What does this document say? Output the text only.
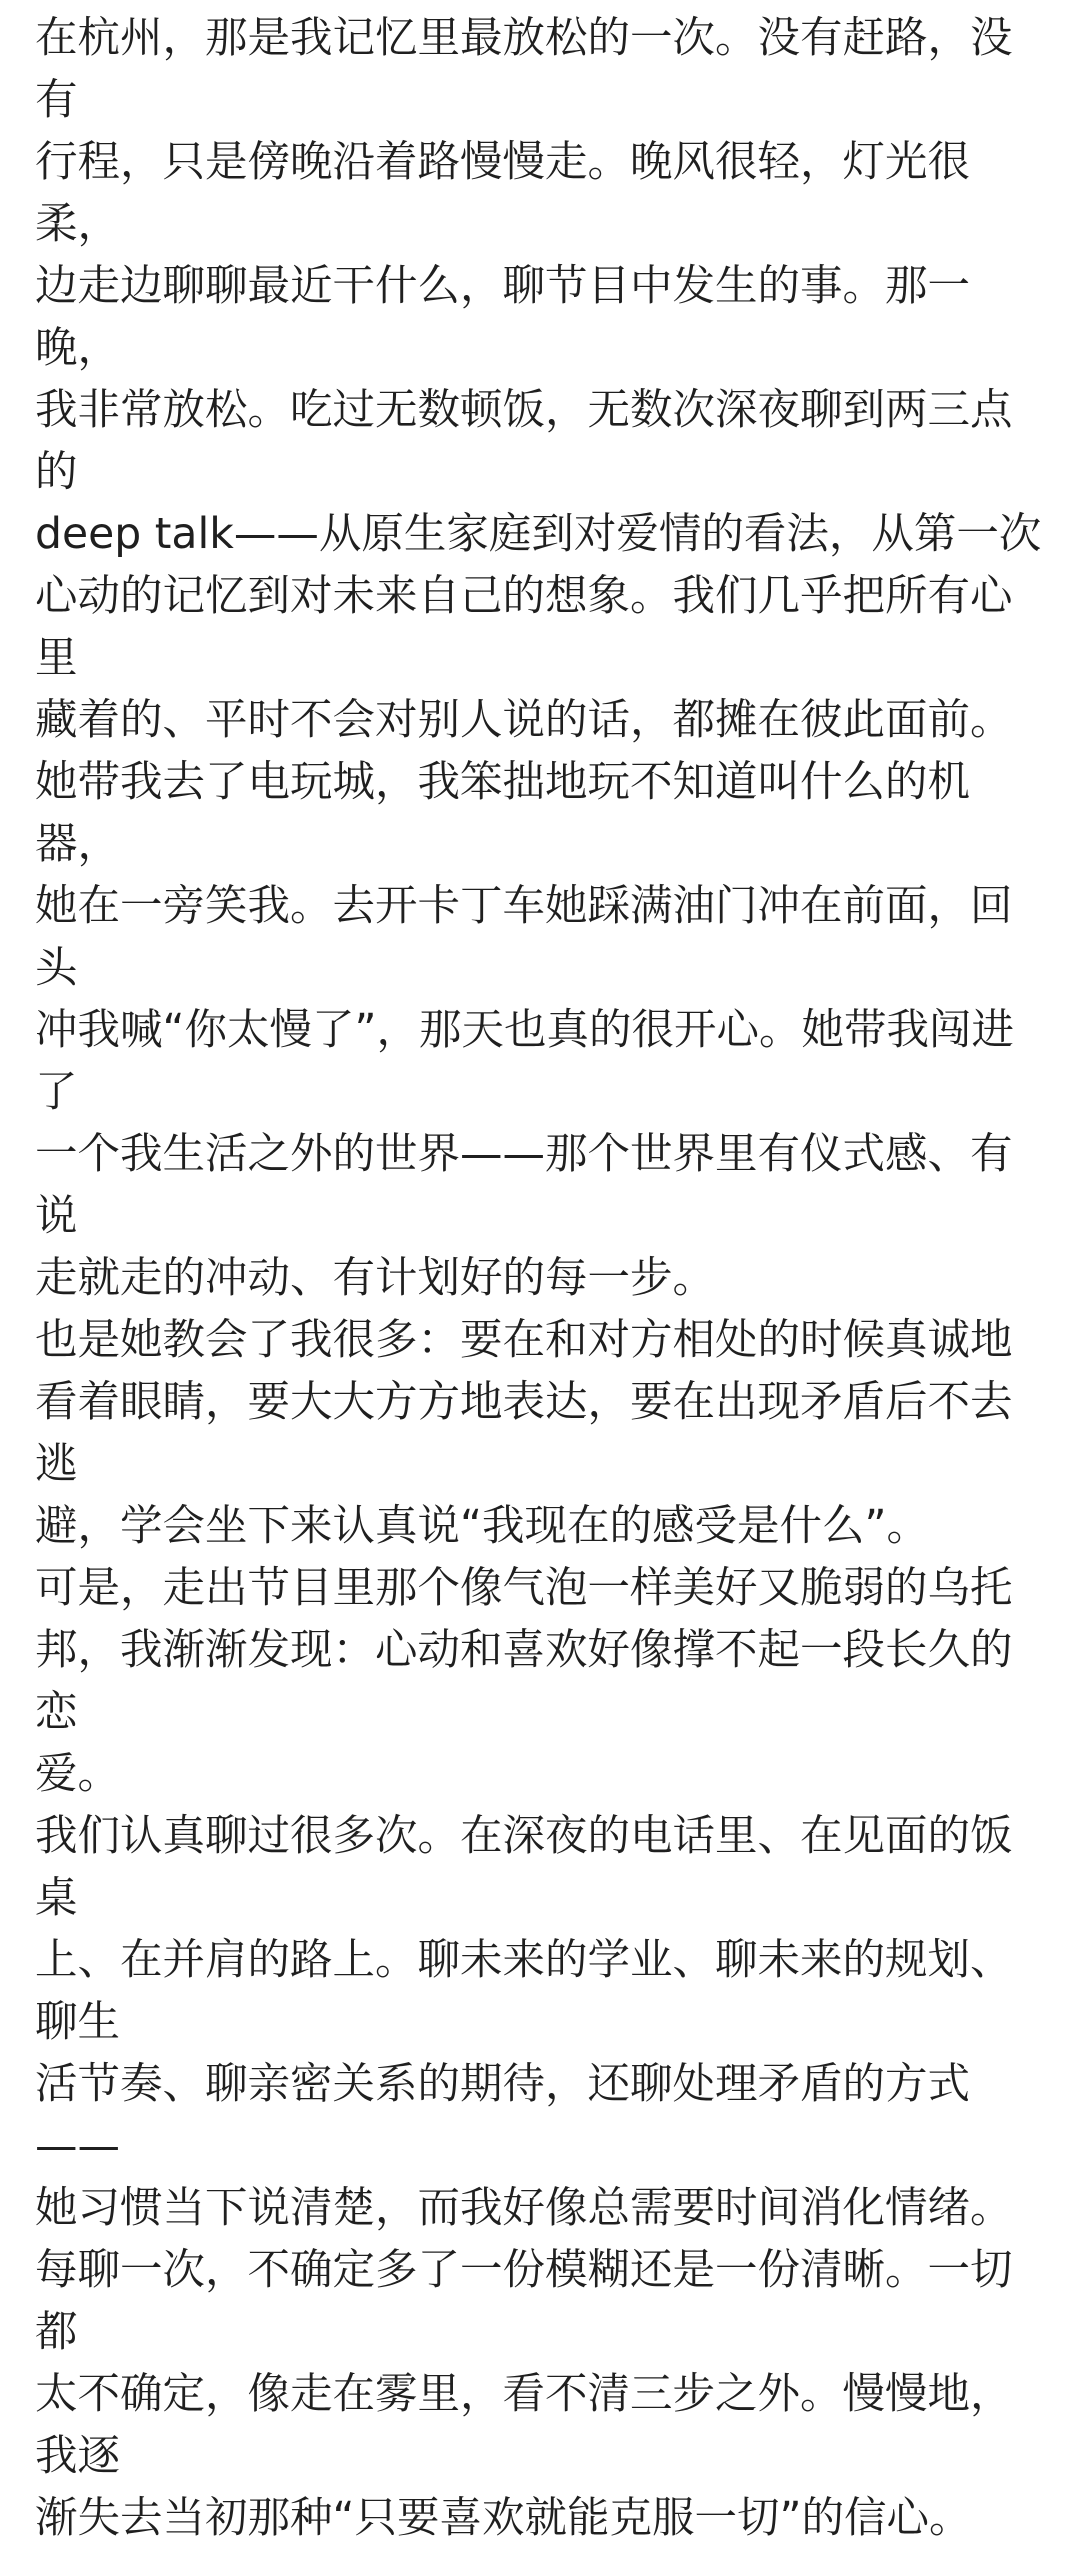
在杭州，那是我记忆里最放松的一次。没有赶路，没有
行程，只是傍晚沿着路慢慢走。晚风很轻，灯光很柔，
边走边聊聊最近干什么，聊节目中发生的事。那一晚，
我非常放松。吃过无数顿饭，无数次深夜聊到两三点的
deep talk——从原生家庭到对爱情的看法，从第一次
心动的记忆到对未来自己的想象。我们几乎把所有心里
藏着的、平时不会对别人说的话，都摊在彼此面前。

她带我去了电玩城，我笨拙地玩不知道叫什么的机器，
她在一旁笑我。去开卡丁车她踩满油门冲在前面，回头
冲我喊“你太慢了”，那天也真的很开心。她带我闯进了
一个我生活之外的世界——那个世界里有仪式感、有说
走就走的冲动、有计划好的每一步。

也是她教会了我很多：要在和对方相处的时候真诚地
看着眼睛，要大大方方地表达，要在出现矛盾后不去逃
避，学会坐下来认真说“我现在的感受是什么”。

可是，走出节目里那个像气泡一样美好又脆弱的乌托
邦，我渐渐发现：心动和喜欢好像撑不起一段长久的恋
爱。

我们认真聊过很多次。在深夜的电话里、在见面的饭桌
上、在并肩的路上。聊未来的学业、聊未来的规划、聊生
活节奏、聊亲密关系的期待，还聊处理矛盾的方式——
她习惯当下说清楚，而我好像总需要时间消化情绪。

每聊一次，不确定多了一份模糊还是一份清晰。一切都
太不确定，像走在雾里，看不清三步之外。慢慢地，我逐
渐失去当初那种“只要喜欢就能克服一切”的信心。
